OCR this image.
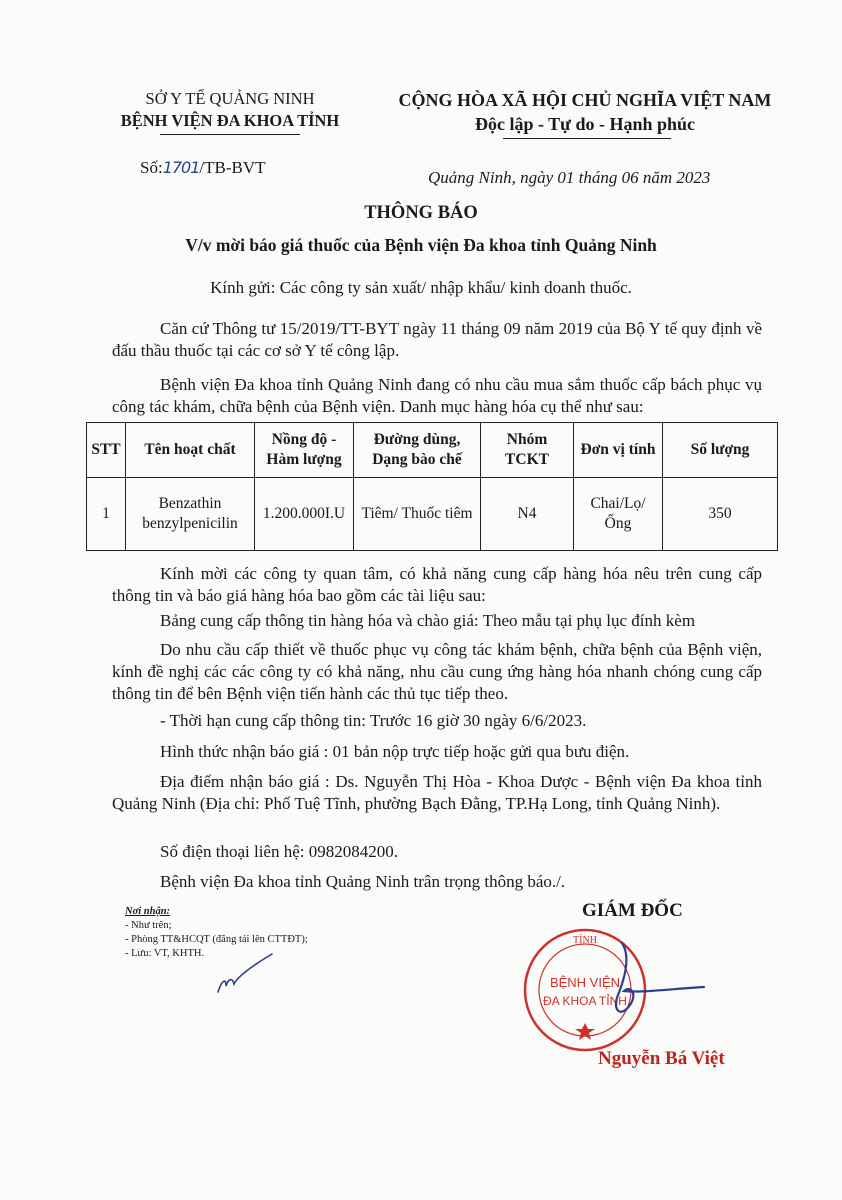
SỞ Y TẾ QUẢNG NINH
BỆNH VIỆN ĐA KHOA TỈNH
CỘNG HÒA XÃ HỘI CHỦ NGHĨA VIỆT NAM
Độc lập - Tự do - Hạnh phúc
Số:1701/TB-BVT
Quảng Ninh, ngày 01 tháng 06 năm 2023
THÔNG BÁO
V/v mời báo giá thuốc của Bệnh viện Đa khoa tỉnh Quảng Ninh
Kính gửi: Các công ty sản xuất/ nhập khẩu/ kinh doanh thuốc.
Căn cứ Thông tư 15/2019/TT-BYT ngày 11 tháng 09 năm 2019 của Bộ Y tế quy định về đấu thầu thuốc tại các cơ sở Y tế công lập.
Bệnh viện Đa khoa tỉnh Quảng Ninh đang có nhu cầu mua sắm thuốc cấp bách phục vụ công tác khám, chữa bệnh của Bệnh viện. Danh mục hàng hóa cụ thể như sau:
STT	Tên hoạt chất	Nồng độ - Hàm lượng	Đường dùng, Dạng bào chế	Nhóm TCKT	Đơn vị tính	Số lượng
1	Benzathin benzylpenicilin	1.200.000I.U	Tiêm/ Thuốc tiêm	N4	Chai/Lọ/ Ống	350
Kính mời các công ty quan tâm, có khả năng cung cấp hàng hóa nêu trên cung cấp thông tin và báo giá hàng hóa bao gồm các tài liệu sau:
Bảng cung cấp thông tin hàng hóa và chào giá: Theo mẫu tại phụ lục đính kèm
Do nhu cầu cấp thiết về thuốc phục vụ công tác khám bệnh, chữa bệnh của Bệnh viện, kính đề nghị các các công ty có khả năng, nhu cầu cung ứng hàng hóa nhanh chóng cung cấp thông tin để bên Bệnh viện tiến hành các thủ tục tiếp theo.
- Thời hạn cung cấp thông tin: Trước 16 giờ 30 ngày 6/6/2023.
Hình thức nhận báo giá : 01 bản nộp trực tiếp hoặc gửi qua bưu điện.
Địa điểm nhận báo giá : Ds. Nguyễn Thị Hòa - Khoa Dược - Bệnh viện Đa khoa tỉnh Quảng Ninh (Địa chỉ: Phố Tuệ Tĩnh, phường Bạch Đằng, TP.Hạ Long, tỉnh Quảng Ninh).
Số điện thoại liên hệ: 0982084200.
Bệnh viện Đa khoa tỉnh Quảng Ninh trân trọng thông báo./.
Nơi nhận:
- Như trên;
- Phòng TT&HCQT (đăng tải lên CTTĐT);
- Lưu: VT, KHTH.
GIÁM ĐỐC
TỈNH
BỆNH VIỆN
ĐA KHOA TỈNH
Nguyễn Bá Việt
